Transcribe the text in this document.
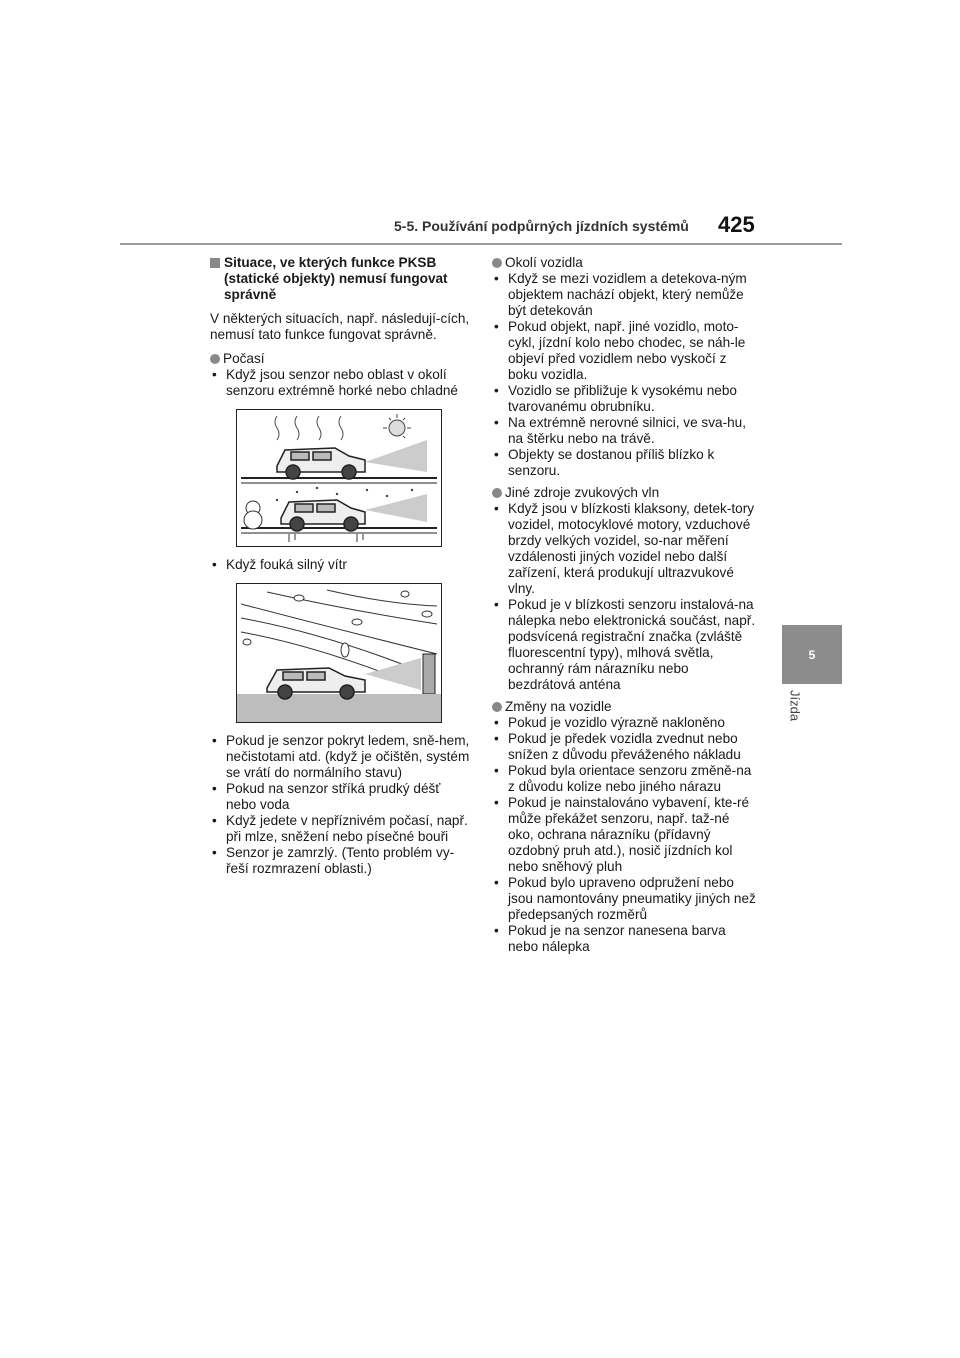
5-5. Používání podpůrných jízdních systémů 425
5
Jízda
Situace, ve kterých funkce PKSB (statické objekty) nemusí fungovat správně

V některých situacích, např. následují-cích, nemusí tato funkce fungovat správně.

Počasí
• Když jsou senzor nebo oblast v okolí senzoru extrémně horké nebo chladné
• Když fouká silný vítr
• Pokud je senzor pokryt ledem, sně-hem, nečistotami atd. (když je očištěn, systém se vrátí do normálního stavu)
• Pokud na senzor stříká prudký déšť nebo voda
• Když jedete v nepříznivém počasí, např. při mlze, sněžení nebo písečné bouři
• Senzor je zamrzlý. (Tento problém vy-řeší rozmrazení oblasti.)
Okolí vozidla
• Když se mezi vozidlem a detekova-ným objektem nachází objekt, který nemůže být detekován
• Pokud objekt, např. jiné vozidlo, moto-cykl, jízdní kolo nebo chodec, se náh-le objeví před vozidlem nebo vyskočí z boku vozidla.
• Vozidlo se přibližuje k vysokému nebo tvarovanému obrubníku.
• Na extrémně nerovné silnici, ve sva-hu, na štěrku nebo na trávě.
• Objekty se dostanou příliš blízko k senzoru.
Jiné zdroje zvukových vln
• Když jsou v blízkosti klaksony, detek-tory vozidel, motocyklové motory, vzduchové brzdy velkých vozidel, so-nar měření vzdálenosti jiných vozidel nebo další zařízení, která produkují ultrazvukové vlny.
• Pokud je v blízkosti senzoru instalová-na nálepka nebo elektronická součást, např. podsvícená registrační značka (zvláště fluorescentní typy), mlhová světla, ochranný rám nárazníku nebo bezdrátová anténa
Změny na vozidle
• Pokud je vozidlo výrazně nakloněno
• Pokud je předek vozidla zvednut nebo snížen z důvodu převáženého nákladu
• Pokud byla orientace senzoru změně-na z důvodu kolize nebo jiného nárazu
• Pokud je nainstalováno vybavení, kte-ré může překážet senzoru, např. taž-né oko, ochrana nárazníku (přídavný ozdobný pruh atd.), nosič jízdních kol nebo sněhový pluh
• Pokud bylo upraveno odpružení nebo jsou namontovány pneumatiky jiných než předepsaných rozměrů
• Pokud je na senzor nanesena barva nebo nálepka
